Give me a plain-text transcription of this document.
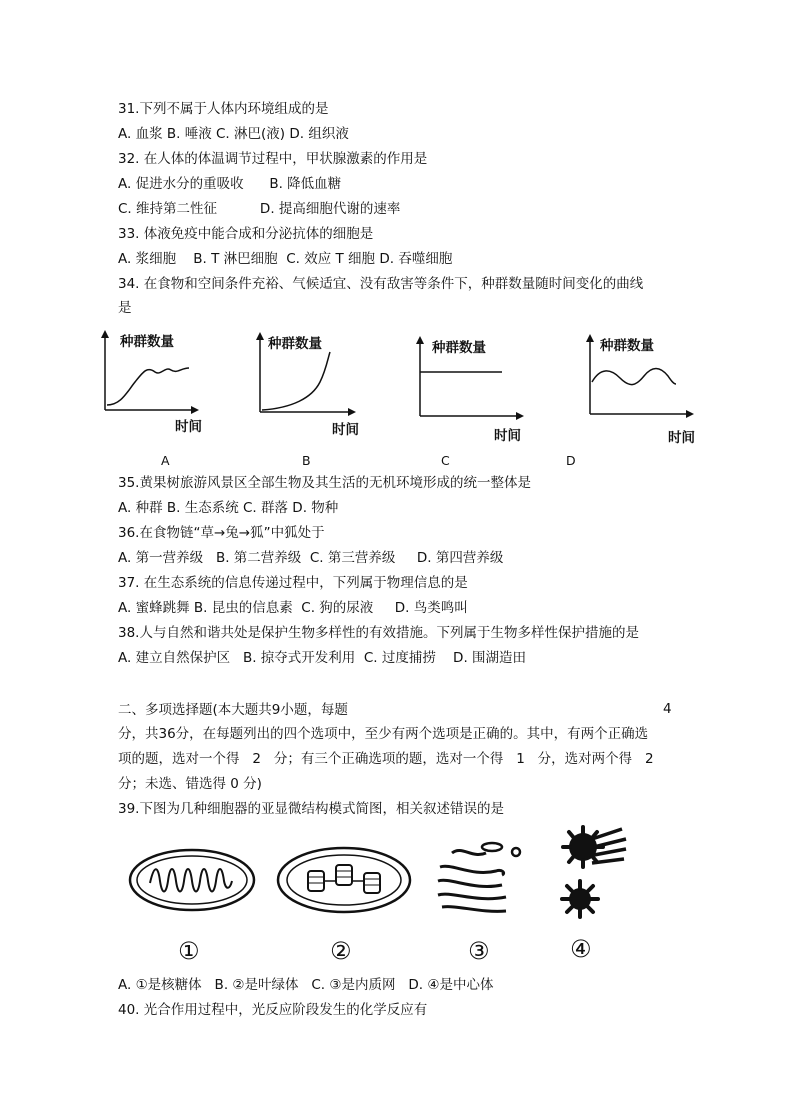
31.下列不属于人体内环境组成的是
A. 血浆 B. 唾液 C. 淋巴(液) D. 组织液
32. 在人体的体温调节过程中，甲状腺激素的作用是
A. 促进水分的重吸收      B. 降低血糖
C. 维持第二性征          D. 提高细胞代谢的速率
33. 体液免疫中能合成和分泌抗体的细胞是
A. 浆细胞    B. T 淋巴细胞  C. 效应 T 细胞 D. 吞噬细胞
34. 在食物和空间条件充裕、气候适宜、没有敌害等条件下，种群数量随时间变化的曲线
是
种群数量
时间
种群数量
时间
种群数量
时间
种群数量
时间
A	B	C	D
35.黄果树旅游风景区全部生物及其生活的无机环境形成的统一整体是
A. 种群 B. 生态系统 C. 群落 D. 物种
36.在食物链“草→兔→狐”中狐处于
A. 第一营养级   B. 第二营养级  C. 第三营养级     D. 第四营养级
37. 在生态系统的信息传递过程中，下列属于物理信息的是
A. 蜜蜂跳舞 B. 昆虫的信息素  C. 狗的尿液     D. 鸟类鸣叫
38.人与自然和谐共处是保护生物多样性的有效措施。下列属于生物多样性保护措施的是
A. 建立自然保护区   B. 掠夺式开发利用  C. 过度捕捞    D. 围湖造田
二、多项选择题(本大题共9小题，每题	4
分，共36分，在每题列出的四个选项中，至少有两个选项是正确的。其中，有两个正确选
项的题，选对一个得   2   分；有三个正确选项的题，选对一个得   1   分，选对两个得   2
分；未选、错选得 0 分)
39.下图为几种细胞器的亚显微结构模式简图，相关叙述错误的是
①	②	③	④
A. ①是核糖体   B. ②是叶绿体   C. ③是内质网   D. ④是中心体
40. 光合作用过程中，光反应阶段发生的化学反应有
